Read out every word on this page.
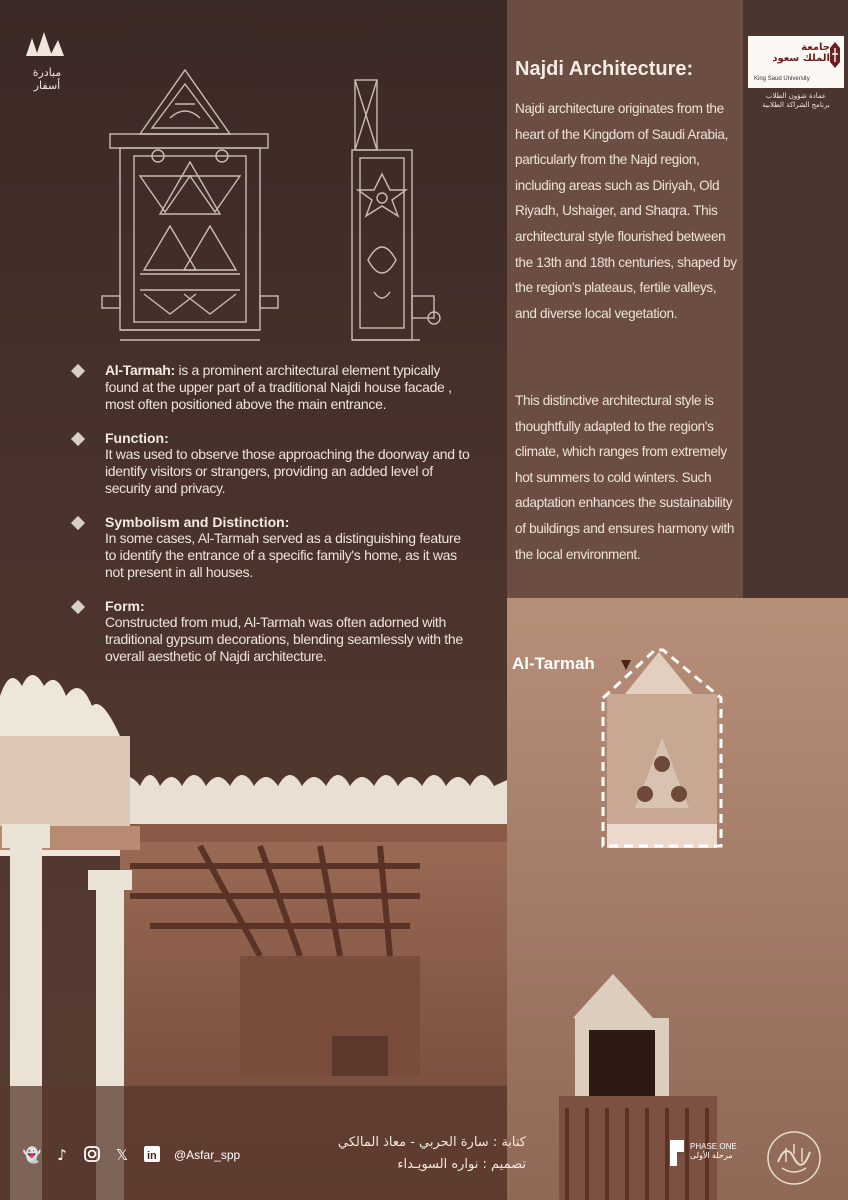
مبادرة
أسفار
جامعة
الملك سعود
King Saud University
عمادة شؤون الطلاب
برنامج الشراكة الطلابية
Al-Tarmah: is a prominent architectural element typically found at the upper part of a traditional Najdi house facade , most often positioned above the main entrance.
Function:
It was used to observe those approaching the doorway and to identify visitors or strangers, providing an added level of security and privacy.
Symbolism and Distinction:
In some cases, Al-Tarmah served as a distinguishing feature to identify the entrance of a specific family's home, as it was not present in all houses.
Form:
Constructed from mud, Al-Tarmah was often adorned with traditional gypsum decorations, blending seamlessly with the overall aesthetic of Najdi architecture.	Al-Tarmah
Najdi Architecture:

Najdi architecture originates from the heart of the Kingdom of Saudi Arabia, particularly from the Najd region, including areas such as Diriyah, Old Riyadh, Ushaiger, and Shaqra. This architectural style flourished between the 13th and 18th centuries, shaped by the region's plateaus, fertile valleys, and diverse local vegetation.

This distinctive architectural style is thoughtfully adapted to the region's climate, which ranges from extremely hot summers to cold winters. Such adaptation enhances the sustainability of buildings and ensures harmony with the local environment.

👻	♪	𝕏	in @Asfar_spp
كتابة : سارة الحربي - معاذ المالكي
تصميم : نواره السويـداء
PHASE ONE
مرحلة الأولى
